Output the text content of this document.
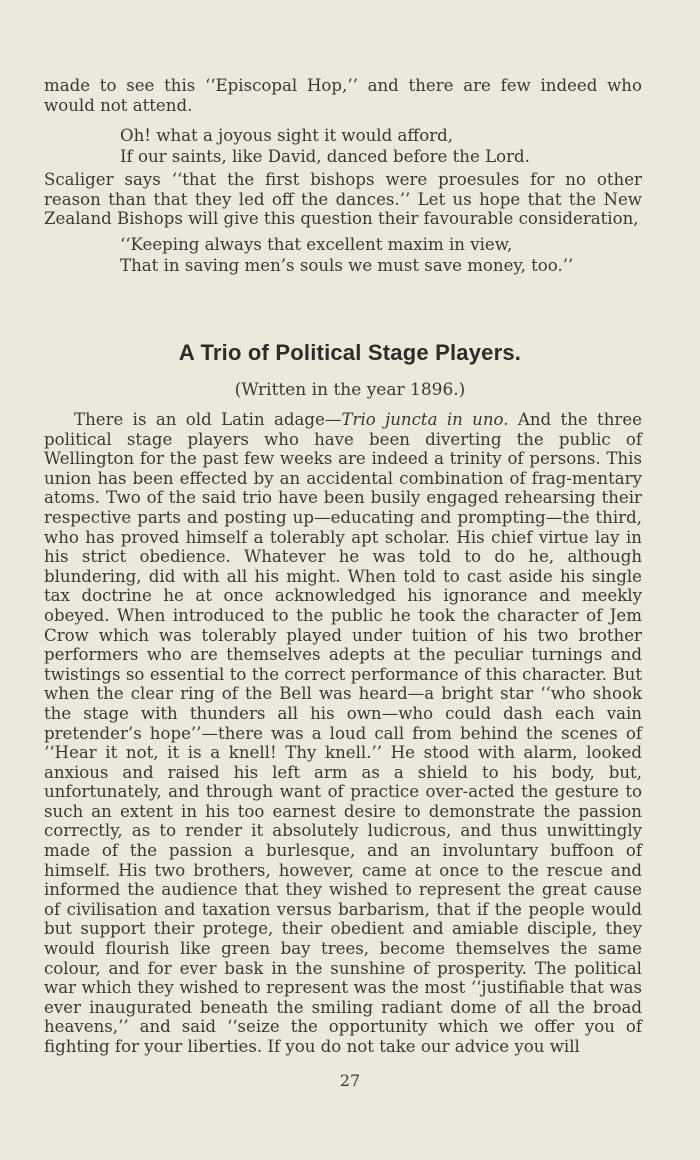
made to see this ‘‘Episcopal Hop,’’ and there are few indeed who would not attend.
Oh! what a joyous sight it would afford,
If our saints, like David, danced before the Lord.
Scaliger says ‘‘that the first bishops were proesules for no other reason than that they led off the dances.’’ Let us hope that the New Zealand Bishops will give this question their favourable consideration,
‘‘Keeping always that excellent maxim in view,
That in saving men’s souls we must save money, too.’’
A Trio of Political Stage Players.
(Written in the year 1896.)
There is an old Latin adage—Trio juncta in uno. And the three political stage players who have been diverting the public of Wellington for the past few weeks are indeed a trinity of persons. This union has been effected by an accidental combination of frag-mentary atoms. Two of the said trio have been busily engaged rehearsing their respective parts and posting up—educating and prompting—the third, who has proved himself a tolerably apt scholar. His chief virtue lay in his strict obedience. Whatever he was told to do he, although blundering, did with all his might. When told to cast aside his single tax doctrine he at once acknowledged his ignorance and meekly obeyed. When introduced to the public he took the character of Jem Crow which was tolerably played under tuition of his two brother performers who are themselves adepts at the peculiar turnings and twistings so essential to the correct performance of this character. But when the clear ring of the Bell was heard—a bright star ‘‘who shook the stage with thunders all his own—who could dash each vain pretender’s hope’’—there was a loud call from behind the scenes of ‘‘Hear it not, it is a knell! Thy knell.’’ He stood with alarm, looked anxious and raised his left arm as a shield to his body, but, unfortunately, and through want of practice over-acted the gesture to such an extent in his too earnest desire to demonstrate the passion correctly, as to render it absolutely ludicrous, and thus unwittingly made of the passion a burlesque, and an involuntary buffoon of himself. His two brothers, however, came at once to the rescue and informed the audience that they wished to represent the great cause of civilisation and taxation versus barbarism, that if the people would but support their protege, their obedient and amiable disciple, they would flourish like green bay trees, become themselves the same colour, and for ever bask in the sunshine of prosperity. The political war which they wished to represent was the most ‘‘justifiable that was ever inaugurated beneath the smiling radiant dome of all the broad heavens,’’ and said ‘‘seize the opportunity which we offer you of fighting for your liberties. If you do not take our advice you will
27
